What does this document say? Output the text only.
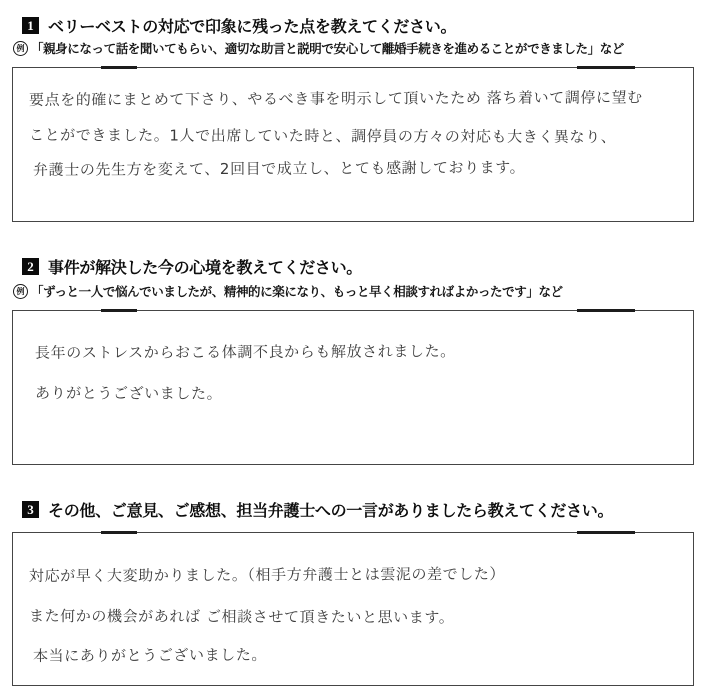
1 ベリーベストの対応で印象に残った点を教えてください。
例 「親身になって話を聞いてもらい、適切な助言と説明で安心して離婚手続きを進めることができました」など
要点を的確にまとめて下さり、やるべき事を明示して頂いたため 落ち着いて調停に望む
ことができました。1人で出席していた時と、調停員の方々の対応も大きく異なり、
弁護士の先生方を変えて、2回目で成立し、とても感謝しております。
2 事件が解決した今の心境を教えてください。
例 「ずっと一人で悩んでいましたが、精神的に楽になり、もっと早く相談すればよかったです」など
長年のストレスからおこる体調不良からも解放されました。
ありがとうございました。
3 その他、ご意見、ご感想、担当弁護士への一言がありましたら教えてください。
対応が早く大変助かりました。（相手方弁護士とは雲泥の差でした）
また何かの機会があれば ご相談させて頂きたいと思います。
本当にありがとうございました。
